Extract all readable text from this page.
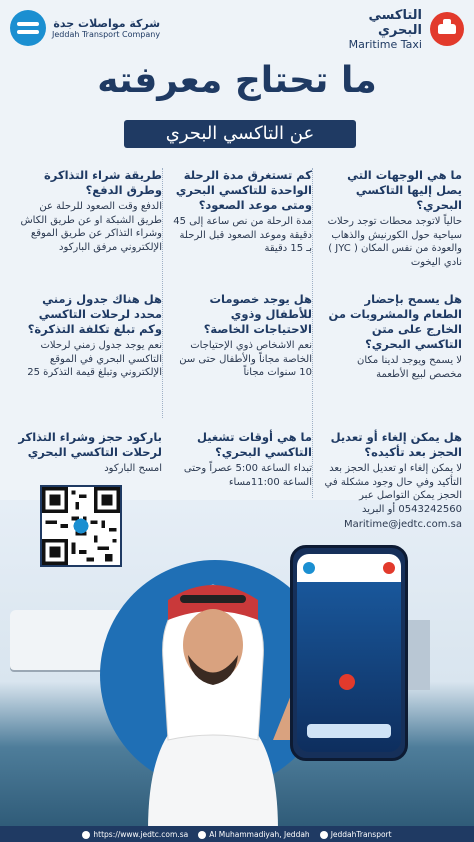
شركة مواصلات جدة
Jeddah Transport Company
التاكسي البحري
Maritime Taxi
ما تحتاج معرفته
عن التاكسي البحري
ما هي الوجهات التي يصل إليها التاكسي البحري؟
حالياً لاتوجد محطات توجد رحلات سياحية حول الكورنيش والذهاب والعودة من نفس المكان ( JYC ) نادي اليخوت
كم تستغرق مدة الرحلة الواحدة للتاكسي البحري ومتى موعد الصعود؟
مدة الرحلة من نص ساعة إلى 45 دقيقة وموعد الصعود قبل الرحلة بـ 15 دقيقة
طريقة شراء التذاكرة وطرق الدفع؟
الدفع وقت الصعود للرحلة عن طريق الشبكة او عن طريق الكاش وشراء التذاكر عن طريق الموقع الإلكتروني مرفق الباركود
هل يسمح بإحضار الطعام والمشروبات من الخارج على متن التاكسي البحري؟
لا يسمح ويوجد لدينا مكان مخصص لبيع الأطعمة
هل يوجد خصومات للأطفال وذوي الاحتياجات الخاصة؟
نعم الاشخاص ذوي الإحتياجات الخاصة مجاناً والأطفال حتى سن 10 سنوات مجاناً
هل هناك جدول زمني محدد لرحلات التاكسي وكم تبلغ تكلفة التذكرة؟
نعم يوجد جدول زمني لرحلات التاكسي البحري في الموقع الإلكتروني وتبلغ قيمة التذكرة 25
هل يمكن إلغاء أو تعديل الحجز بعد تأكيده؟
لا يمكن إلغاء او تعديل الحجز بعد التأكيد وفي حال وجود مشكلة في الحجز يمكن التواصل عبر 0543242560 أو البريد
Maritime@jedtc.com.sa
ما هي أوقات تشغيل التاكسي البحري؟
تبداء الساعة 5:00 عصراً وحتى الساعة 11:00مساء
باركود حجز وشراء التذاكر لرحلات التاكسي البحري
امسح الباركود
https://www.jedtc.com.sa	Al Muhammadiyah, Jeddah	JeddahTransport
